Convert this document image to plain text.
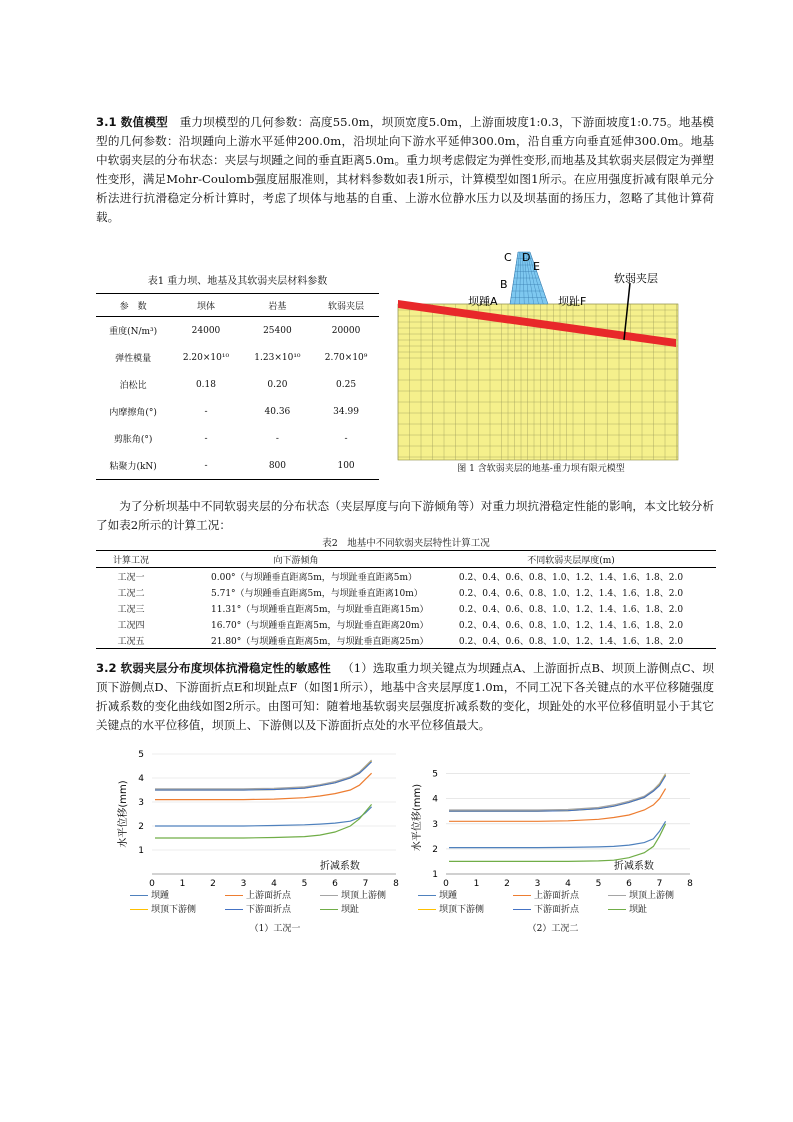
3.1 数值模型 重力坝模型的几何参数：高度55.0m，坝顶宽度5.0m，上游面坡度1:0.3，下游面坡度1:0.75。地基模型的几何参数：沿坝踵向上游水平延伸200.0m，沿坝址向下游水平延伸300.0m，沿自重方向垂直延伸300.0m。地基中软弱夹层的分布状态：夹层与坝踵之间的垂直距离5.0m。重力坝考虑假定为弹性变形,而地基及其软弱夹层假定为弹塑性变形，满足Mohr-Coulomb强度屈服准则，其材料参数如表1所示，计算模型如图1所示。在应用强度折减有限单元分析法进行抗滑稳定分析计算时，考虑了坝体与地基的自重、上游水位静水压力以及坝基面的扬压力，忽略了其他计算荷载。
表1 重力坝、地基及其软弱夹层材料参数
参　数	坝体	岩基	软弱夹层
重度(N/m³)	24000	25400	20000
弹性模量	2.20×10¹⁰	1.23×10¹⁰	2.70×10⁹
泊松比	0.18	0.20	0.25
内摩擦角(°)	-	40.36	34.99
剪胀角(°)	-	-	-
粘聚力(kN)	-	800	100
C D
E
B
坝踵A	坝趾F
软弱夹层
图 1 含软弱夹层的地基-重力坝有限元模型
为了分析坝基中不同软弱夹层的分布状态（夹层厚度与向下游倾角等）对重力坝抗滑稳定性能的影响，本文比较分析了如表2所示的计算工况：
表2　地基中不同软弱夹层特性计算工况
计算工况	向下游倾角	不同软弱夹层厚度(m)
工况一	0.00°（与坝踵垂直距离5m，与坝趾垂直距离5m）	0.2、0.4、0.6、0.8、1.0、1.2、1.4、1.6、1.8、2.0
工况二	5.71°（与坝踵垂直距离5m，与坝趾垂直距离10m）	0.2、0.4、0.6、0.8、1.0、1.2、1.4、1.6、1.8、2.0
工况三	11.31°（与坝踵垂直距离5m，与坝趾垂直距离15m）	0.2、0.4、0.6、0.8、1.0、1.2、1.4、1.6、1.8、2.0
工况四	16.70°（与坝踵垂直距离5m，与坝趾垂直距离20m）	0.2、0.4、0.6、0.8、1.0、1.2、1.4、1.6、1.8、2.0
工况五	21.80°（与坝踵垂直距离5m，与坝趾垂直距离25m）	0.2、0.4、0.6、0.8、1.0、1.2、1.4、1.6、1.8、2.0
3.2 软弱夹层分布度坝体抗滑稳定性的敏感性 （1）选取重力坝关键点为坝踵点A、上游面折点B、坝顶上游侧点C、坝顶下游侧点D、下游面折点E和坝趾点F（如图1所示），地基中含夹层厚度1.0m，不同工况下各关键点的水平位移随强度折减系数的变化曲线如图2所示。由图可知：随着地基软弱夹层强度折减系数的变化，坝趾处的水平位移值明显小于其它关键点的水平位移值，坝顶上、下游侧以及下游面折点处的水平位移值最大。
1
2
3
4
5
0	1	2	3	4	5	6	7	8
水平位移(mm)
折减系数
1
2
3
4
5
0	1	2	3	4	5	6	7	8
水平位移(mm)
折减系数
坝踵	上游面折点	坝顶上游侧
坝顶下游侧	下游面折点	坝趾
坝踵	上游面折点	坝顶上游侧
坝顶下游侧	下游面折点	坝趾
（1）工况一	（2）工况二
